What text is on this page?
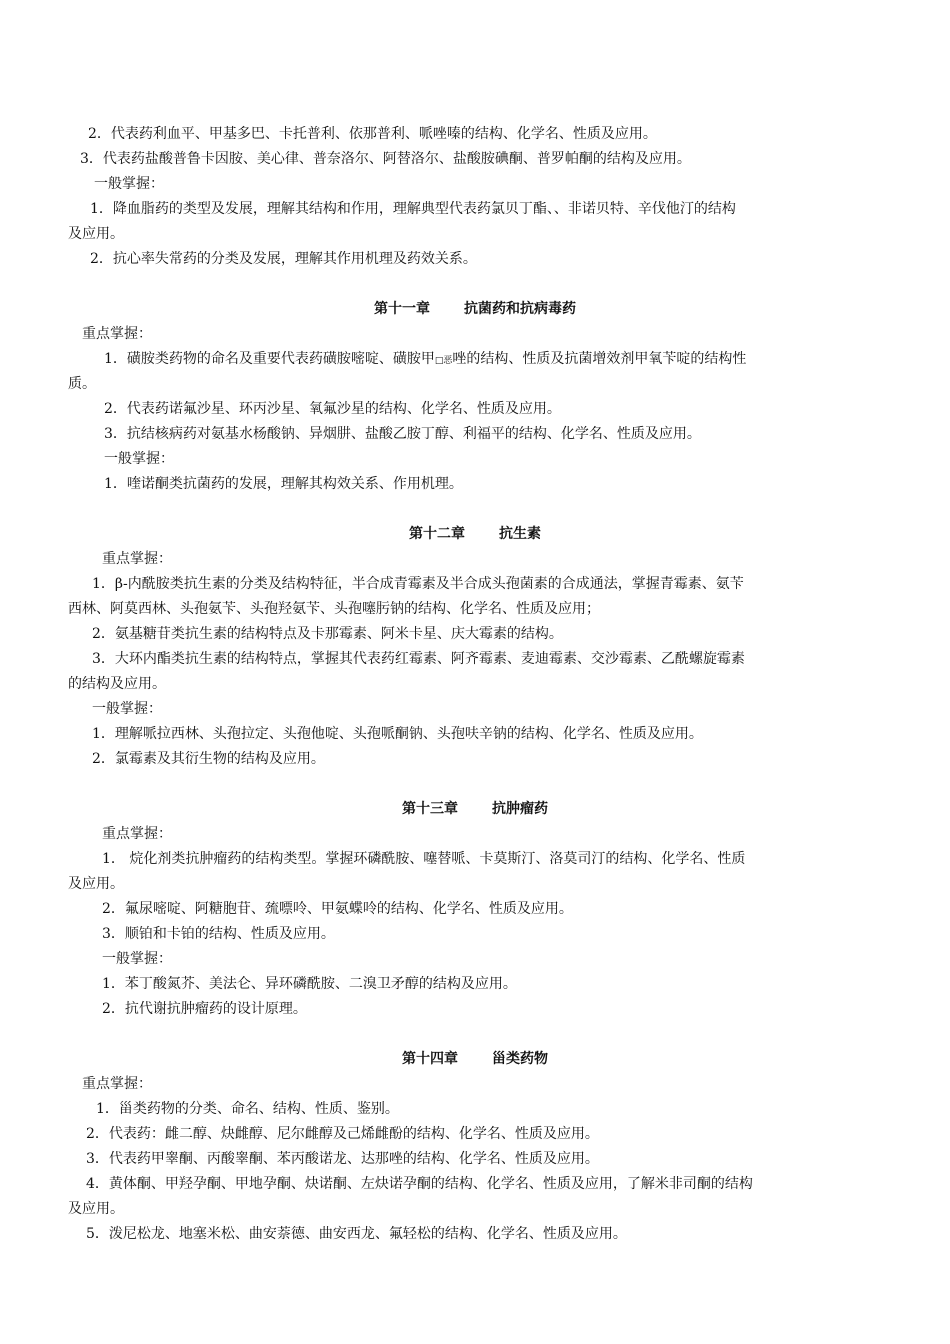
2．代表药利血平、甲基多巴、卡托普利、依那普利、哌唑嗪的结构、化学名、性质及应用。
3．代表药盐酸普鲁卡因胺、美心律、普奈洛尔、阿替洛尔、盐酸胺碘酮、普罗帕酮的结构及应用。
一般掌握：
1．降血脂药的类型及发展，理解其结构和作用，理解典型代表药氯贝丁酯、、非诺贝特、辛伐他汀的结构
及应用。
2．抗心率失常药的分类及发展，理解其作用机理及药效关系。
第十一章 抗菌药和抗病毒药
重点掌握：
1．磺胺类药物的命名及重要代表药磺胺嘧啶、磺胺甲□恶唑的结构、性质及抗菌增效剂甲氧苄啶的结构性
质。
2．代表药诺氟沙星、环丙沙星、氧氟沙星的结构、化学名、性质及应用。
3．抗结核病药对氨基水杨酸钠、异烟肼、盐酸乙胺丁醇、利福平的结构、化学名、性质及应用。
一般掌握：
1．喹诺酮类抗菌药的发展，理解其构效关系、作用机理。
第十二章 抗生素
重点掌握：
1．β-内酰胺类抗生素的分类及结构特征，半合成青霉素及半合成头孢菌素的合成通法，掌握青霉素、氨苄
西林、阿莫西林、头孢氨苄、头孢羟氨苄、头孢噻肟钠的结构、化学名、性质及应用；
2．氨基糖苷类抗生素的结构特点及卡那霉素、阿米卡星、庆大霉素的结构。
3．大环内酯类抗生素的结构特点，掌握其代表药红霉素、阿齐霉素、麦迪霉素、交沙霉素、乙酰螺旋霉素
的结构及应用。
一般掌握：
1．理解哌拉西林、头孢拉定、头孢他啶、头孢哌酮钠、头孢呋辛钠的结构、化学名、性质及应用。
2．氯霉素及其衍生物的结构及应用。
第十三章 抗肿瘤药
重点掌握：
1． 烷化剂类抗肿瘤药的结构类型。掌握环磷酰胺、噻替哌、卡莫斯汀、洛莫司汀的结构、化学名、性质
及应用。
2．氟尿嘧啶、阿糖胞苷、巯嘌呤、甲氨蝶呤的结构、化学名、性质及应用。
3．顺铂和卡铂的结构、性质及应用。
一般掌握：
1．苯丁酸氮芥、美法仑、异环磷酰胺、二溴卫矛醇的结构及应用。
2．抗代谢抗肿瘤药的设计原理。
第十四章 甾类药物
重点掌握：
1．甾类药物的分类、命名、结构、性质、鉴别。
2．代表药：雌二醇、炔雌醇、尼尔雌醇及己烯雌酚的结构、化学名、性质及应用。
3．代表药甲睾酮、丙酸睾酮、苯丙酸诺龙、达那唑的结构、化学名、性质及应用。
4．黄体酮、甲羟孕酮、甲地孕酮、炔诺酮、左炔诺孕酮的结构、化学名、性质及应用，了解米非司酮的结构
及应用。
5．泼尼松龙、地塞米松、曲安萘德、曲安西龙、氟轻松的结构、化学名、性质及应用。
